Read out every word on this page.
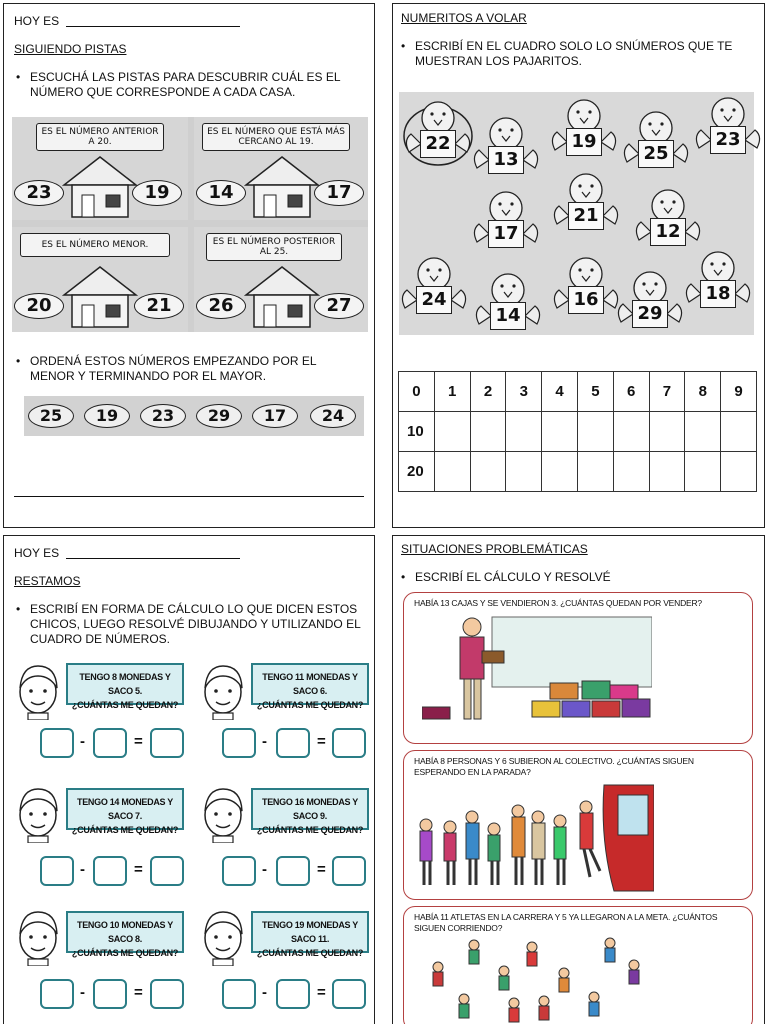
HOY ES
SIGUIENDO PISTAS
• ESCUCHÁ LAS PISTAS PARA DESCUBRIR CUÁL ES EL NÚMERO QUE CORRESPONDE A CADA CASA.
ES EL NÚMERO ANTERIOR A 20.
23	19
ES EL NÚMERO QUE ESTÁ MÁS CERCANO AL 19.
14	17
ES EL NÚMERO MENOR.
20	21
ES EL NÚMERO POSTERIOR AL 25.
26	27
• ORDENÁ ESTOS NÚMEROS EMPEZANDO POR EL MENOR Y TERMINANDO POR EL MAYOR.
25	19	23	29	17	24
NUMERITOS A VOLAR
• ESCRIBÍ EN EL CUADRO SOLO LO SNÚMEROS QUE TE MUESTRAN LOS PAJARITOS.
22
13
19
25
23
17
21
12
24
14
16
29
18
0	1	2	3	4	5	6	7	8	9
10									
20									
HOY ES
RESTAMOS
• ESCRIBÍ EN FORMA DE CÁLCULO LO QUE DICEN ESTOS CHICOS, LUEGO RESOLVÉ DIBUJANDO Y UTILIZANDO EL CUADRO DE NÚMEROS.
TENGO 8 MONEDAS Y SACO 5.
¿CUÁNTAS ME QUEDAN?
TENGO 11 MONEDAS Y SACO 6.
¿CUÁNTAS ME QUEDAN?
-	=	-	=
TENGO 14 MONEDAS Y SACO 7.
¿CUÁNTAS ME QUEDAN?
TENGO 16 MONEDAS Y SACO 9.
¿CUÁNTAS ME QUEDAN?
-	=	-	=
TENGO 10 MONEDAS Y SACO 8.
¿CUÁNTAS ME QUEDAN?
TENGO 19 MONEDAS Y SACO 11.
¿CUÁNTAS ME QUEDAN?
-	=	-	=
SITUACIONES PROBLEMÁTICAS
• ESCRIBÍ EL CÁLCULO Y RESOLVÉ
HABÍA 13 CAJAS Y SE VENDIERON 3. ¿CUÁNTAS QUEDAN POR VENDER?
HABÍA 8 PERSONAS Y 6 SUBIERON AL COLECTIVO. ¿CUÁNTAS SIGUEN ESPERANDO EN LA PARADA?
HABÍA 11 ATLETAS EN LA CARRERA Y 5 YA LLEGARON A LA META. ¿CUÁNTOS SIGUEN CORRIENDO?
